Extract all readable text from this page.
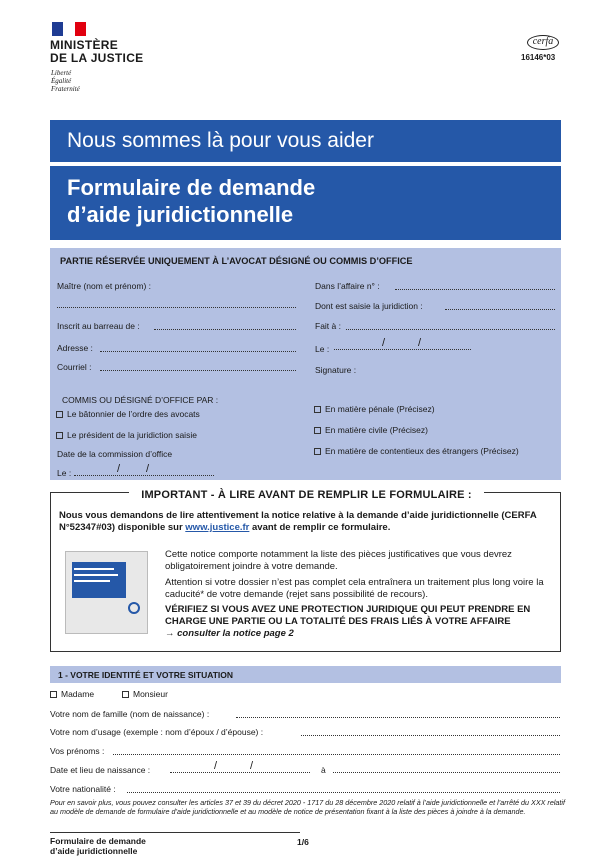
MINISTÈRE
DE LA JUSTICE
Liberté
Égalité
Fraternité
cerfa
16146*03
Nous sommes là pour vous aider
Formulaire de demande
d’aide juridictionnelle
PARTIE RÉSERVÉE UNIQUEMENT À L’AVOCAT DÉSIGNÉ OU COMMIS D’OFFICE
Maître (nom et prénom) :
Inscrit au barreau de :
Adresse :
Courriel :
COMMIS OU DÉSIGNÉ D’OFFICE PAR :
Le bâtonnier de l’ordre des avocats
Le président de la juridiction saisie
Date de la commission d’office
Le :	/ /
Dans l’affaire n° :
Dont est saisie la juridiction :
Fait à :
Le :	/	/
Signature :
En matière pénale (Précisez)
En matière civile (Précisez)
En matière de contentieux des étrangers (Précisez)
IMPORTANT - À LIRE AVANT DE REMPLIR LE FORMULAIRE :
Nous vous demandons de lire attentivement la notice relative à la demande d’aide juridictionnelle (CERFA N°52347#03) disponible sur www.justice.fr avant de remplir ce formulaire.
Cette notice comporte notamment la liste des pièces justificatives que vous devrez obligatoirement joindre à votre demande.
Attention si votre dossier n’est pas complet cela entraînera un traitement plus long voire la caducité* de votre demande (rejet sans possibilité de recours).
VÉRIFIEZ SI VOUS AVEZ UNE PROTECTION JURIDIQUE QUI PEUT PRENDRE EN CHARGE UNE PARTIE OU LA TOTALITÉ DES FRAIS LIÉS À VOTRE AFFAIRE
→ consulter la notice page 2
1 - VOTRE IDENTITÉ ET VOTRE SITUATION
Madame	Monsieur
Votre nom de famille (nom de naissance) :
Votre nom d’usage (exemple : nom d’époux / d’épouse) :
Vos prénoms :
Date et lieu de naissance :	/	/	à
Votre nationalité :
Pour en savoir plus, vous pouvez consulter les articles 37 et 39 du décret 2020 - 1717 du 28 décembre 2020 relatif à l’aide juridictionnelle et l’arrêté du XXX relatif au modèle de demande de formulaire d’aide juridictionnelle et au modèle de notice de présentation fixant à la liste des pièces à joindre à la demande.
Formulaire de demande
d’aide juridictionnelle
1/6
